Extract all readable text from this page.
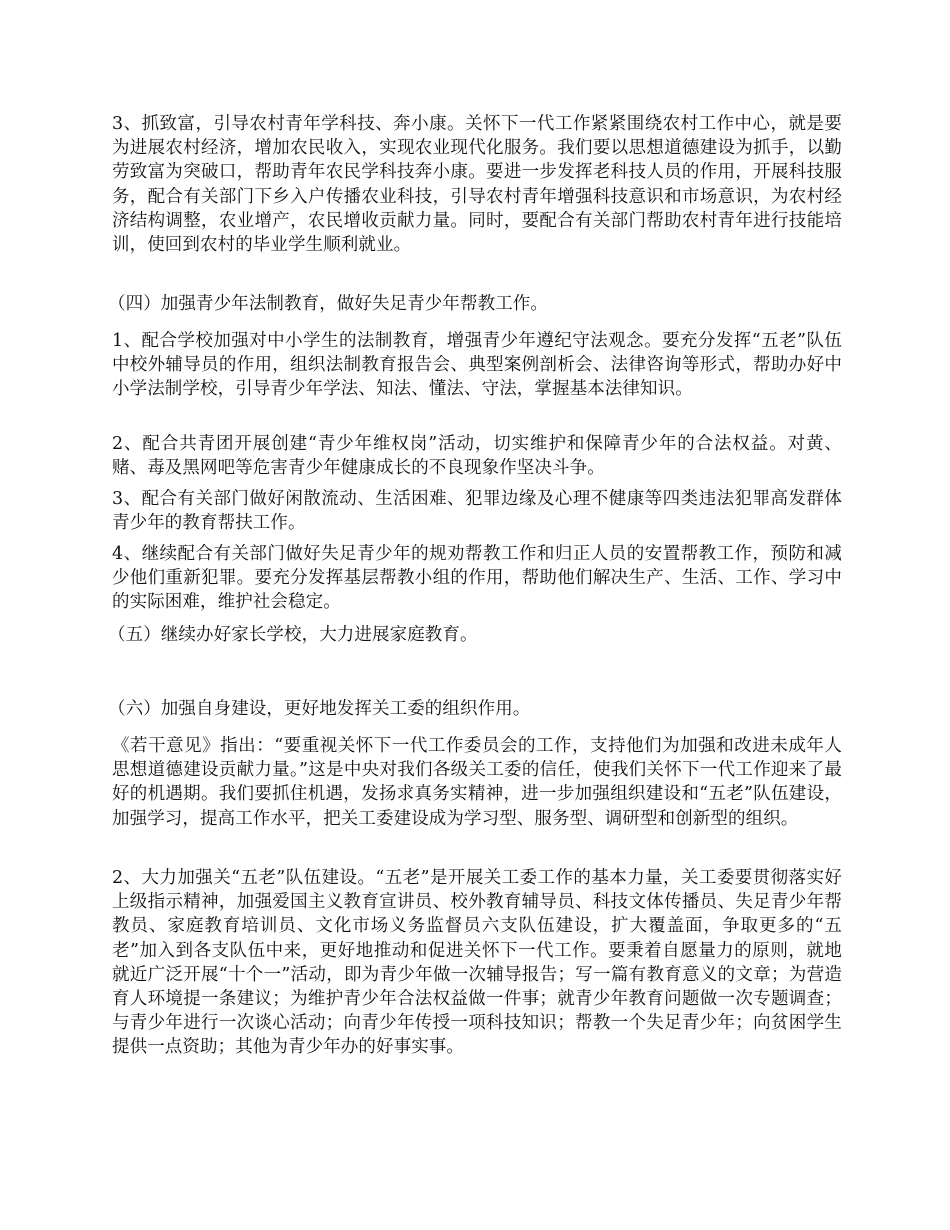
3、抓致富，引导农村青年学科技、奔小康。关怀下一代工作紧紧围绕农村工作中心，就是要为进展农村经济，增加农民收入，实现农业现代化服务。我们要以思想道德建设为抓手，以勤劳致富为突破口，帮助青年农民学科技奔小康。要进一步发挥老科技人员的作用，开展科技服务，配合有关部门下乡入户传播农业科技，引导农村青年增强科技意识和市场意识，为农村经济结构调整，农业增产，农民增收贡献力量。同时，要配合有关部门帮助农村青年进行技能培训，使回到农村的毕业学生顺利就业。

（四）加强青少年法制教育，做好失足青少年帮教工作。

1、配合学校加强对中小学生的法制教育，增强青少年遵纪守法观念。要充分发挥“五老”队伍中校外辅导员的作用，组织法制教育报告会、典型案例剖析会、法律咨询等形式，帮助办好中小学法制学校，引导青少年学法、知法、懂法、守法，掌握基本法律知识。

2、配合共青团开展创建“青少年维权岗”活动，切实维护和保障青少年的合法权益。对黄、赌、毒及黑网吧等危害青少年健康成长的不良现象作坚决斗争。

3、配合有关部门做好闲散流动、生活困难、犯罪边缘及心理不健康等四类违法犯罪高发群体青少年的教育帮扶工作。

4、继续配合有关部门做好失足青少年的规劝帮教工作和归正人员的安置帮教工作，预防和减少他们重新犯罪。要充分发挥基层帮教小组的作用，帮助他们解决生产、生活、工作、学习中的实际困难，维护社会稳定。

（五）继续办好家长学校，大力进展家庭教育。

（六）加强自身建设，更好地发挥关工委的组织作用。

《若干意见》指出：“要重视关怀下一代工作委员会的工作，支持他们为加强和改进未成年人思想道德建设贡献力量。”这是中央对我们各级关工委的信任，使我们关怀下一代工作迎来了最好的机遇期。我们要抓住机遇，发扬求真务实精神，进一步加强组织建设和“五老”队伍建设，加强学习，提高工作水平，把关工委建设成为学习型、服务型、调研型和创新型的组织。

2、大力加强关“五老”队伍建设。“五老”是开展关工委工作的基本力量，关工委要贯彻落实好上级指示精神，加强爱国主义教育宣讲员、校外教育辅导员、科技文体传播员、失足青少年帮教员、家庭教育培训员、文化市场义务监督员六支队伍建设，扩大覆盖面，争取更多的“五老”加入到各支队伍中来，更好地推动和促进关怀下一代工作。要秉着自愿量力的原则，就地就近广泛开展“十个一”活动，即为青少年做一次辅导报告；写一篇有教育意义的文章；为营造育人环境提一条建议；为维护青少年合法权益做一件事；就青少年教育问题做一次专题调查；与青少年进行一次谈心活动；向青少年传授一项科技知识；帮教一个失足青少年；向贫困学生提供一点资助；其他为青少年办的好事实事。
